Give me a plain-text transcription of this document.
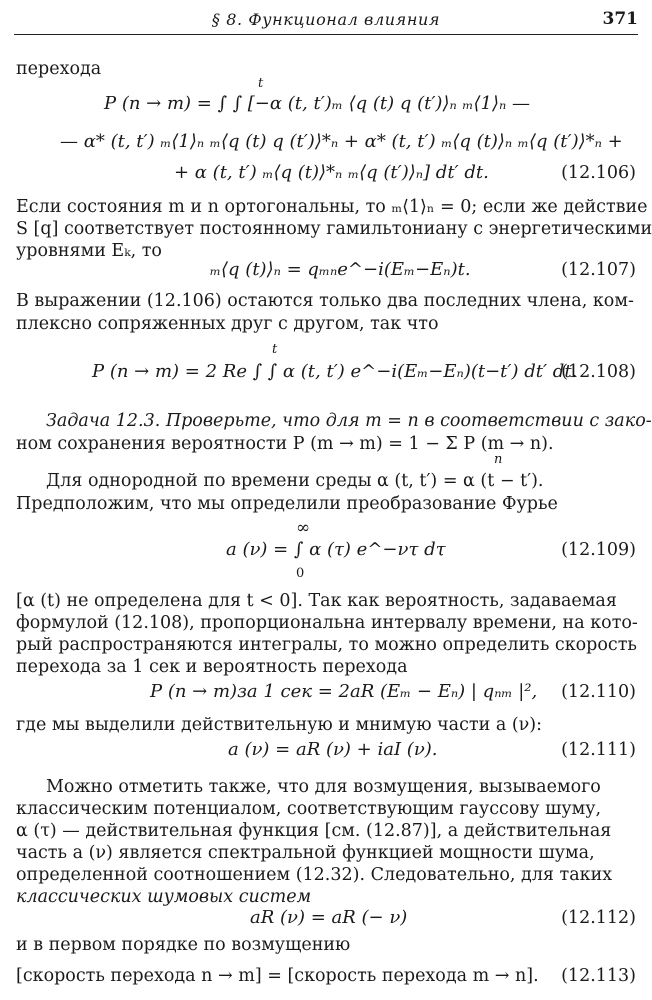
§ 8. Функционал влияния	371
перехода
t
P (n → m) = ∫ ∫ [−α (t, t′)ₘ ⟨q (t) q (t′)⟩ₙ ₘ⟨1⟩ₙ —
— α* (t, t′) ₘ⟨1⟩ₙ ₘ⟨q (t) q (t′)⟩*ₙ + α* (t, t′) ₘ⟨q (t)⟩ₙ ₘ⟨q (t′)⟩*ₙ +
+ α (t, t′) ₘ⟨q (t)⟩*ₙ ₘ⟨q (t′)⟩ₙ] dt′ dt.	(12.106)
Если состояния m и n ортогональны, то ₘ⟨1⟩ₙ = 0; если же действие
S [q] соответствует постоянному гамильтониану с энергетическими
уровнями Eₖ, то
ₘ⟨q (t)⟩ₙ = qₘₙe^−i(Eₘ−Eₙ)t.	(12.107)
В выражении (12.106) остаются только два последних члена, ком-
плексно сопряженных друг с другом, так что
t
P (n → m) = 2 Re ∫ ∫ α (t, t′) e^−i(Eₘ−Eₙ)(t−t′) dt′ dt.
(12.108)
Задача 12.3. Проверьте, что для m = n в соответствии с зако-
ном сохранения вероятности P (m → m) = 1 − Σ P (m → n).
n
Для однородной по времени среды α (t, t′) = α (t − t′).
Предположим, что мы определили преобразование Фурье
∞
a (ν) = ∫ α (τ) e^−ντ dτ	(12.109)
0
[α (t) не определена для t < 0]. Так как вероятность, задаваемая
формулой (12.108), пропорциональна интервалу времени, на кото-
рый распространяются интегралы, то можно определить скорость
перехода за 1 сек и вероятность перехода
P (n → m)за 1 сек = 2aR (Eₘ − Eₙ) | qₙₘ |², (12.110)
где мы выделили действительную и мнимую части a (ν):
a (ν) = aR (ν) + iaI (ν).	(12.111)
Можно отметить также, что для возмущения, вызываемого
классическим потенциалом, соответствующим гауссову шуму,
α (τ) — действительная функция [см. (12.87)], а действительная
часть a (ν) является спектральной функцией мощности шума,
определенной соотношением (12.32). Следовательно, для таких
классических шумовых систем
aR (ν) = aR (− ν)	(12.112)
и в первом порядке по возмущению
[скорость перехода n → m] = [скорость перехода m → n]. (12.113)
